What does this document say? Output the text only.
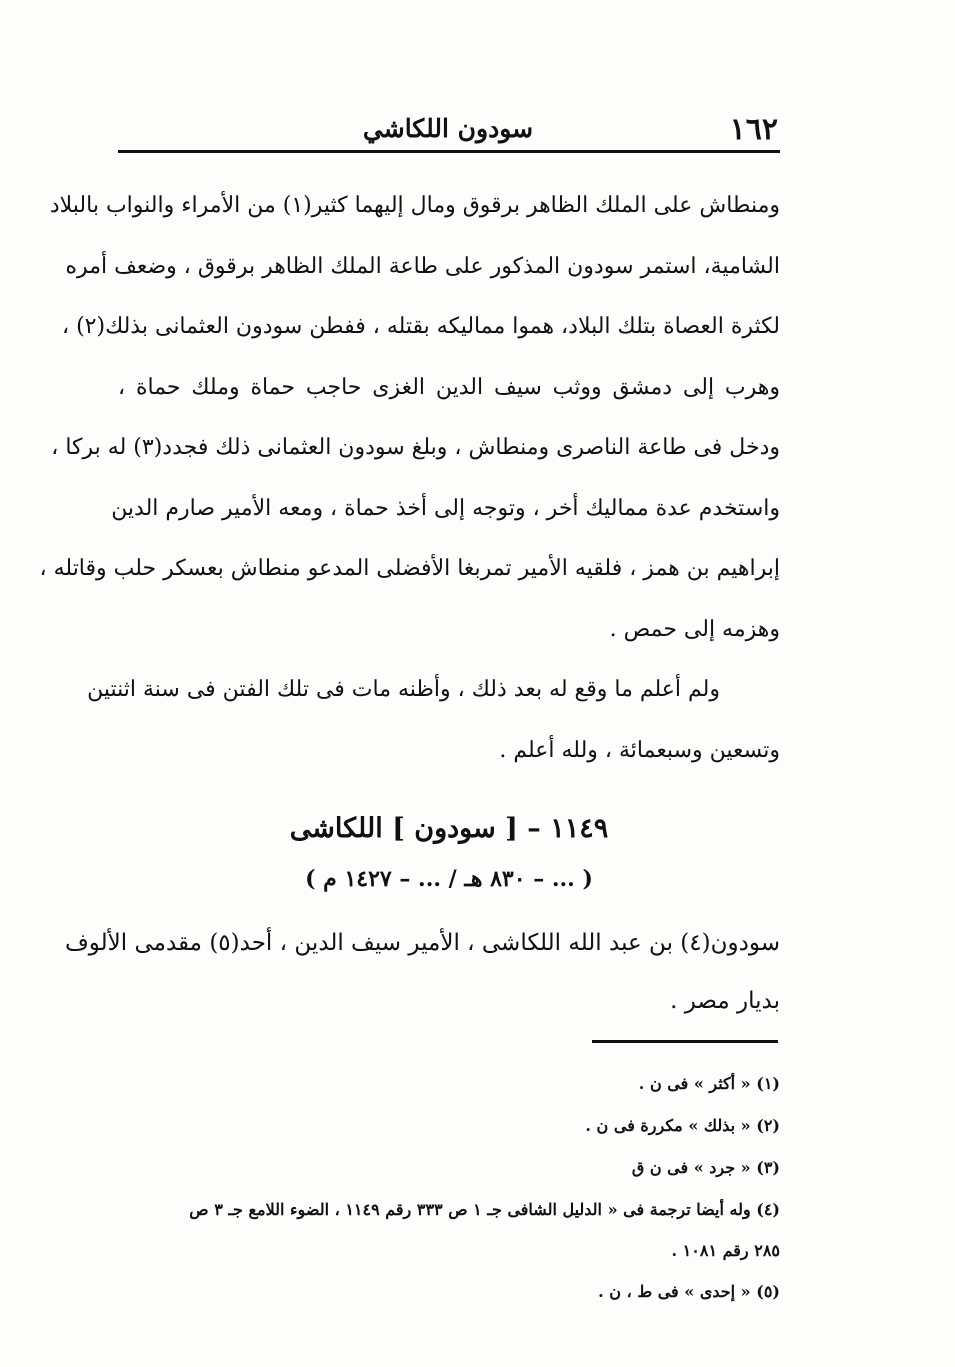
١٦٢
سودون اللكاشي
ومنطاش على الملك الظاهر برقوق ومال إليهما كثير(١) من الأمراء والنواب بالبلاد
الشامية، استمر سودون المذكور على طاعة الملك الظاهر برقوق ، وضعف أمره
لكثرة العصاة بتلك البلاد، هموا مماليكه بقتله ، ففطن سودون العثمانى بذلك(٢) ،
وهرب إلى دمشق ووثب سيف الدين الغزى حاجب حماة وملك حماة ،
ودخل فى طاعة الناصرى ومنطاش ، وبلغ سودون العثمانى ذلك فجدد(٣) له بركا ،
واستخدم عدة مماليك أخر ، وتوجه إلى أخذ حماة ، ومعه الأمير صارم الدين
إبراهيم بن همز ، فلقيه الأمير تمربغا الأفضلى المدعو منطاش بعسكر حلب وقاتله ،
وهزمه إلى حمص .
ولم أعلم ما وقع له بعد ذلك ، وأظنه مات فى تلك الفتن فى سنة اثنتين
وتسعين وسبعمائة ، ولله أعلم .
١١٤٩ – [ سودون ] اللكاشى
( ... – ٨٣٠ هـ / ... – ١٤٢٧ م )
سودون(٤) بن عبد الله اللكاشى ، الأمير سيف الدين ، أحد(٥) مقدمى الألوف
بديار مصر .
(١) « أكثر » فى ن .
(٢) « بذلك » مكررة فى ن .
(٣) « جرد » فى ن ق
(٤) وله أيضا ترجمة فى « الدليل الشافى جـ ١ ص ٣٣٣ رقم ١١٤٩ ، الضوء اللامع جـ ٣ ص
٢٨٥ رقم ١٠٨١ .
(٥) « إحدى » فى ط ، ن .
